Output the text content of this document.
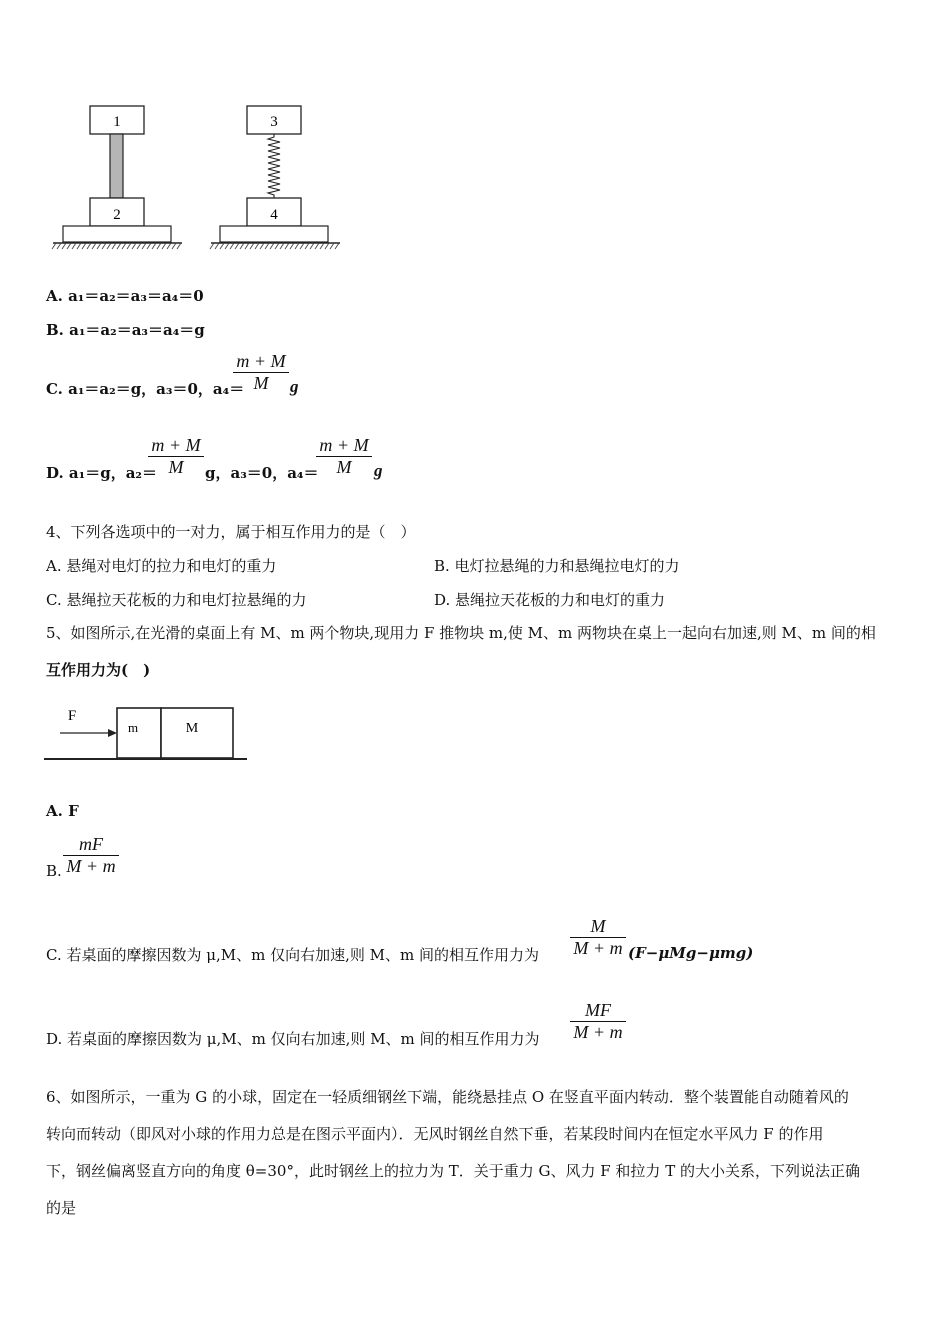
1
2
3
4
A. a₁＝a₂＝a₃＝a₄＝0
B. a₁＝a₂＝a₃＝a₄＝g
C. a₁＝a₂＝g，a₃＝0，a₄＝
m + M
M	g
D. a₁＝g，a₂＝
m + M
M	g，a₃＝0，a₄＝
m + M
M	g
4、下列各选项中的一对力，属于相互作用力的是（　）
A. 悬绳对电灯的拉力和电灯的重力	B. 电灯拉悬绳的力和悬绳拉电灯的力
C. 悬绳拉天花板的力和电灯拉悬绳的力	D. 悬绳拉天花板的力和电灯的重力
5、如图所示,在光滑的桌面上有 M、m 两个物块,现用力 F 推物块 m,使 M、m 两物块在桌上一起向右加速,则 M、m 间的相
互作用力为(　)
F
m	M
A. F
B.
mF
M + m
C. 若桌面的摩擦因数为 μ,M、m 仅向右加速,则 M、m 间的相互作用力为
M
M + m (F−μMg−μmg)
D. 若桌面的摩擦因数为 μ,M、m 仅向右加速,则 M、m 间的相互作用力为
MF
M + m
6、如图所示，一重为 G 的小球，固定在一轻质细钢丝下端，能绕悬挂点 O 在竖直平面内转动．整个装置能自动随着风的
转向而转动（即风对小球的作用力总是在图示平面内）．无风时钢丝自然下垂，若某段时间内在恒定水平风力 F 的作用
下，钢丝偏离竖直方向的角度 θ=30°，此时钢丝上的拉力为 T．关于重力 G、风力 F 和拉力 T 的大小关系，下列说法正确
的是
